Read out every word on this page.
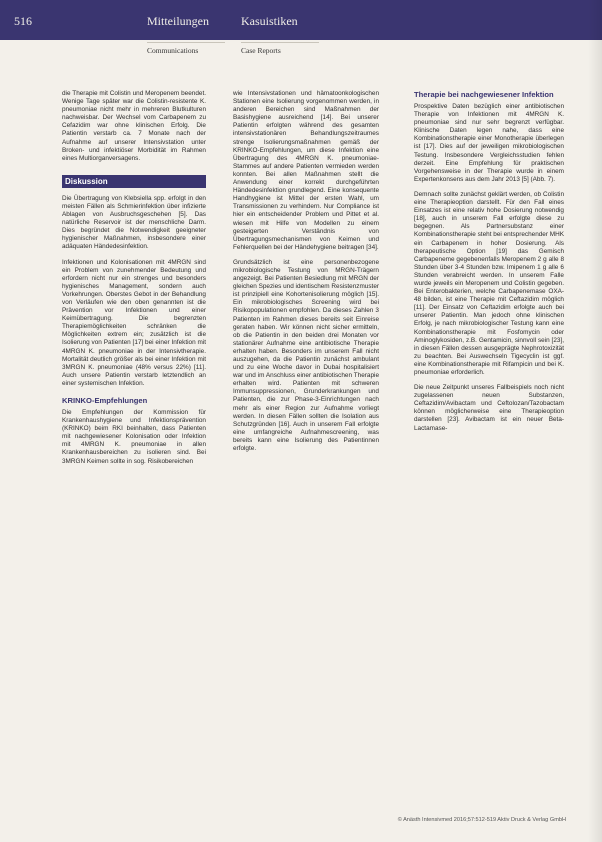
516	Mitteilungen	Kasuistiken
Communications	Case Reports

die Therapie mit Colistin und Meropenem beendet. Wenige Tage später war die Colistin-resistente K. pneumoniae nicht mehr in mehreren Blutkulturen nachweisbar. Der Wechsel vom Carbapenem zu Cefazidim war ohne klinischen Erfolg. Die Patientin verstarb ca. 7 Monate nach der Aufnahme auf unserer Intensivstation unter Broken- und infektiöser Morbidität im Rahmen eines Multiorganversagens.

Diskussion

Die Übertragung von Klebsiella spp. erfolgt in den meisten Fällen als Schmierinfektion über infizierte Ablagen von Ausbruchsgeschehen [5]. Das natürliche Reservoir ist der menschliche Darm. Dies begründet die Notwendigkeit geeigneter hygienischer Maßnahmen, insbesondere einer adäquaten Händedesinfektion.

Infektionen und Kolonisationen mit 4MRGN sind ein Problem von zunehmender Bedeutung und erfordern nicht nur ein strenges und besonders hygienisches Management, sondern auch Vorkehrungen. Oberstes Gebot in der Behandlung von Verläufen wie den oben genannten ist die Prävention vor Infektionen und einer Keimübertragung. Die begrenzten Therapiemöglichkeiten schränken die Möglichkeiten extrem ein; zusätzlich ist die Isolierung von Patienten [17] bei einer Infektion mit 4MRGN K. pneumoniae in der Intensivtherapie. Mortalität deutlich größer als bei einer Infektion mit 3MRGN K. pneumoniae (48% versus 22%) [11]. Auch unsere Patientin verstarb letztendlich an einer systemischen Infektion.

KRINKO-Empfehlungen

Die Empfehlungen der Kommission für Krankenhaushygiene und Infektionsprävention (KRINKO) beim RKI beinhalten, dass Patienten mit nachgewiesener Kolonisation oder Infektion mit 4MRGN K. pneumoniae in allen Krankenhausbereichen zu isolieren sind. Bei 3MRGN Keimen sollte in sog. Risikobereichen

wie Intensivstationen und hämatoonkologischen Stationen eine Isolierung vorgenommen werden, in anderen Bereichen sind Maßnahmen der Basishygiene ausreichend [14]. Bei unserer Patientin erfolgten während des gesamten intensivstationären Behandlungszeitraumes strenge Isolierungsmaßnahmen gemäß der KRINKO-Empfehlungen, um diese Infektion eine Übertragung des 4MRGN K. pneumoniae-Stammes auf andere Patienten vermieden werden konnten. Bei allen Maßnahmen stellt die Anwendung einer korrekt durchgeführten Händedesinfektion grundlegend. Eine konsequente Handhygiene ist Mittel der ersten Wahl, um Transmissionen zu verhindern. Nur Compliance ist hier ein entscheidender Problem und Pittet et al. wiesen mit Hilfe von Modellen zu einem gesteigerten Verständnis von Übertragungsmechanismen von Keimen und Fehlerquellen bei der Händehygiene beitragen [34].

Grundsätzlich ist eine personenbezogene mikrobiologische Testung von MRGN-Trägern angezeigt. Bei Patienten Besiedlung mit MRGN der gleichen Spezies und identischem Resistenzmuster ist prinzipiell eine Kohortenisolierung möglich [15]. Ein mikrobiologisches Screening wird bei Risikopopulationen empfohlen. Da dieses Zahlen 3 Patienten im Rahmen dieses bereits seit Einreise geraten haben. Wir können nicht sicher ermitteln, ob die Patientin in den beiden drei Monaten vor stationärer Aufnahme eine antibiotische Therapie erhalten haben. Besonders im unserem Fall nicht auszugehen, da die Patientin zunächst ambulant und zu eine Woche davor in Dubai hospitalisiert war und im Anschluss einer antibiotischen Therapie erhalten wird. Patienten mit schweren Immunsuppressionen, Grunderkrankungen und Patienten, die zur Phase-3-Einrichtungen nach mehr als einer Region zur Aufnahme vorliegt werden. In diesen Fällen sollten die Isolation aus Schutzgründen [16]. Auch in unserem Fall erfolgte eine umfangreiche Aufnahmescreening, was bereits kann eine Isolierung des Patientinnen erfolgte.

Therapie bei nachgewiesener Infektion

Prospektive Daten bezüglich einer antibiotischen Therapie von Infektionen mit 4MRGN K. pneumoniae sind nur sehr begrenzt verfügbar. Klinische Daten legen nahe, dass eine Kombinationstherapie einer Monotherapie überlegen ist [17]. Dies auf der jeweiligen mikrobiologischen Testung. Insbesondere Vergleichsstudien fehlen derzeit. Eine Empfehlung für praktischen Vorgehensweise in der Therapie wurde in einem Expertenkonsens aus dem Jahr 2013 [5] (Abb. 7).

Demnach sollte zunächst geklärt werden, ob Colistin eine Therapieoption darstellt. Für den Fall eines Einsatzes ist eine relativ hohe Dosierung notwendig [18], auch in unserem Fall erfolgte diese zu begegnen. Als Partnersubstanz einer Kombinationstherapie steht bei entsprechender MHK ein Carbapenem in hoher Dosierung. Als therapeutische Option [19] das Gemisch Carbapeneme gegebenenfalls Meropenem 2 g alle 8 Stunden über 3-4 Stunden bzw. Imipenem 1 g alle 6 Stunden verabreicht werden. In unserem Falle wurde jeweils ein Meropenem und Colistin gegeben. Bei Enterobakterien, welche Carbapenemase OXA-48 bilden, ist eine Therapie mit Ceftazidim möglich [11]. Der Einsatz von Ceftazidim erfolgte auch bei unserer Patientin. Man jedoch ohne klinischen Erfolg, je nach mikrobiologischer Testung kann eine Kombinationstherapie mit Fosfomycin oder Aminoglykosiden, z.B. Gentamicin, sinnvoll sein [23], in diesen Fällen dessen ausgeprägte Nephrotoxizität zu beachten. Bei Auswechseln Tigecyclin ist ggf. eine Kombinationstherapie mit Rifampicin und bei K. pneumoniae erforderlich.

Die neue Zeitpunkt unseres Fallbeispiels noch nicht zugelassenen neuen Substanzen, Ceftazidim/Avibactam und Ceftolozan/Tazobactam können möglicherweise eine Therapieoption darstellen [23]. Avibactam ist ein neuer Beta-Lactamase-

© Anästh Intensivmed 2016;57:512-519 Aktiv Druck & Verlag GmbH
